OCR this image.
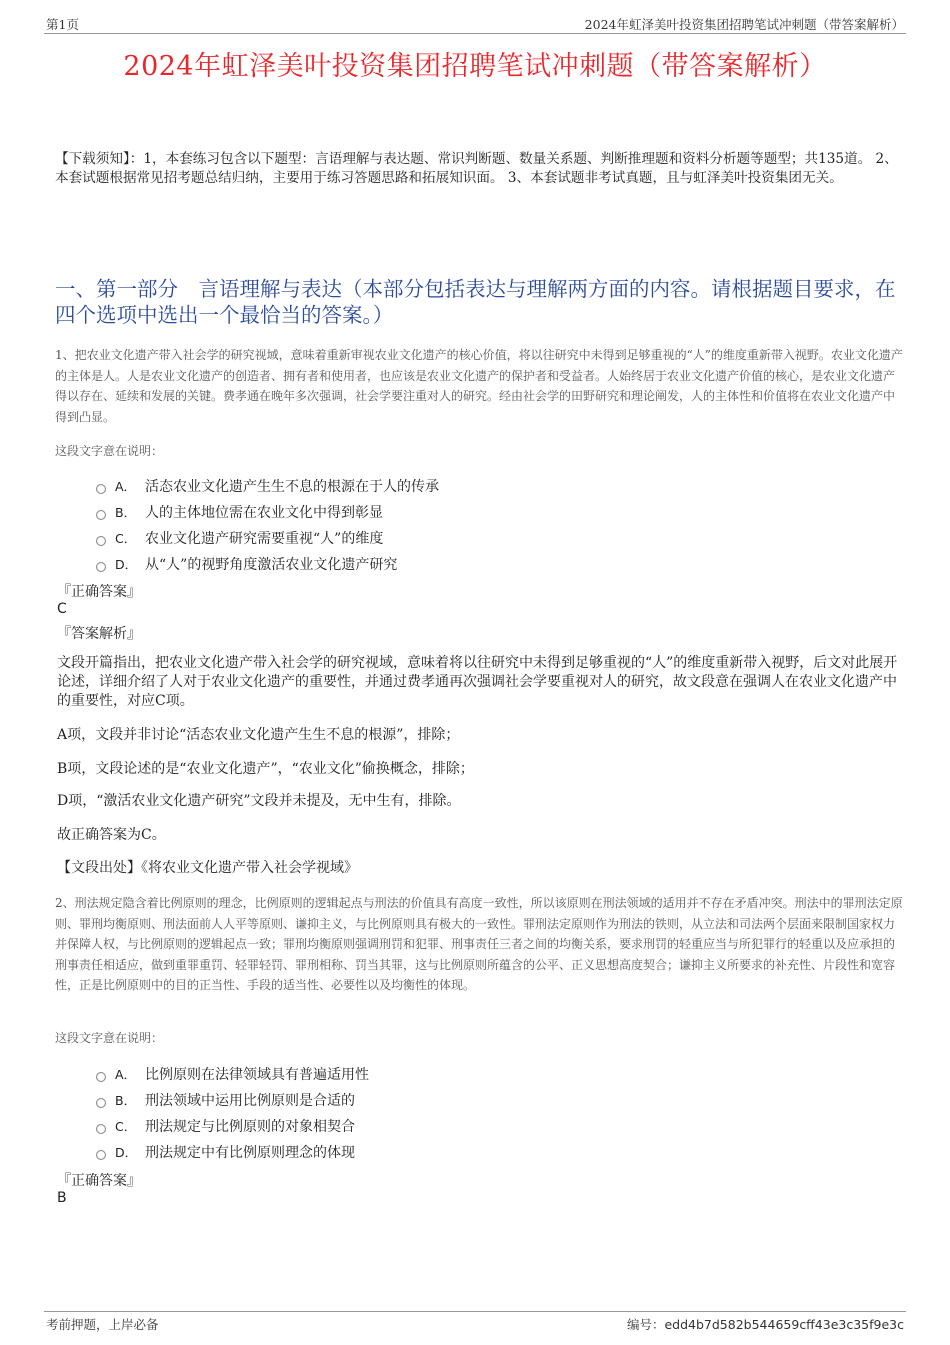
第1页	2024年虹泽美叶投资集团招聘笔试冲刺题（带答案解析）
2024年虹泽美叶投资集团招聘笔试冲刺题（带答案解析）
【下载须知】：1，本套练习包含以下题型：言语理解与表达题、常识判断题、数量关系题、判断推理题和资料分析题等题型；共135道。 2、本套试题根据常见招考题总结归纳，主要用于练习答题思路和拓展知识面。 3、本套试题非考试真题，且与虹泽美叶投资集团无关。
一、第一部分　言语理解与表达（本部分包括表达与理解两方面的内容。请根据题目要求，在四个选项中选出一个最恰当的答案。）
1、把农业文化遗产带入社会学的研究视域，意味着重新审视农业文化遗产的核心价值，将以往研究中未得到足够重视的“人”的维度重新带入视野。农业文化遗产的主体是人。人是农业文化遗产的创造者、拥有者和使用者，也应该是农业文化遗产的保护者和受益者。人始终居于农业文化遗产价值的核心，是农业文化遗产得以存在、延续和发展的关键。费孝通在晚年多次强调，社会学要注重对人的研究。经由社会学的田野研究和理论阐发，人的主体性和价值将在农业文化遗产中得到凸显。
这段文字意在说明：
A． 活态农业文化遗产生生不息的根源在于人的传承
B． 人的主体地位需在农业文化中得到彰显
C． 农业文化遗产研究需要重视“人”的维度
D． 从“人”的视野角度激活农业文化遗产研究
『正确答案』
C
『答案解析』
文段开篇指出，把农业文化遗产带入社会学的研究视域，意味着将以往研究中未得到足够重视的“人”的维度重新带入视野，后文对此展开论述，详细介绍了人对于农业文化遗产的重要性，并通过费孝通再次强调社会学要重视对人的研究，故文段意在强调人在农业文化遗产中的重要性，对应C项。
A项，文段并非讨论“活态农业文化遗产生生不息的根源”，排除；
B项，文段论述的是“农业文化遗产”，“农业文化”偷换概念，排除；
D项，“激活农业文化遗产研究”文段并未提及，无中生有，排除。
故正确答案为C。
【文段出处】《将农业文化遗产带入社会学视域》
2、刑法规定隐含着比例原则的理念，比例原则的逻辑起点与刑法的价值具有高度一致性，所以该原则在刑法领域的适用并不存在矛盾冲突。刑法中的罪刑法定原则、罪刑均衡原则、刑法面前人人平等原则、谦抑主义，与比例原则具有极大的一致性。罪刑法定原则作为刑法的铁则，从立法和司法两个层面来限制国家权力并保障人权，与比例原则的逻辑起点一致；罪刑均衡原则强调刑罚和犯罪、刑事责任三者之间的均衡关系，要求刑罚的轻重应当与所犯罪行的轻重以及应承担的刑事责任相适应，做到重罪重罚、轻罪轻罚、罪刑相称、罚当其罪，这与比例原则所蕴含的公平、正义思想高度契合；谦抑主义所要求的补充性、片段性和宽容性，正是比例原则中的目的正当性、手段的适当性、必要性以及均衡性的体现。
这段文字意在说明：
A． 比例原则在法律领域具有普遍适用性
B． 刑法领域中运用比例原则是合适的
C． 刑法规定与比例原则的对象相契合
D． 刑法规定中有比例原则理念的体现
『正确答案』
B
考前押题，上岸必备	编号：edd4b7d582b544659cff43e3c35f9e3c
